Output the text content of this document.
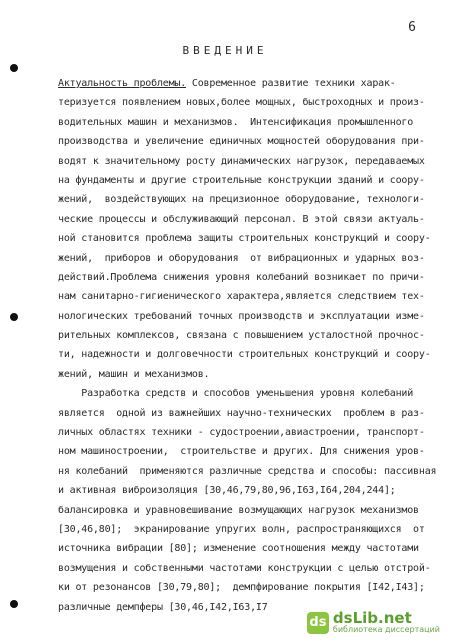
6
ВВЕДЕНИЕ
Актуальность проблемы. Современное развитие техники харак-
теризуется появлением новых,более мощных, быстроходных и произ-
водительных машин и механизмов.  Интенсификация промышленного
производства и увеличение единичных мощностей оборудования при-
водят к значительному росту динамических нагрузок, передаваемых
на фундаменты и другие строительные конструкции зданий и соору-
жений,  воздействующих на прецизионное оборудование, технологи-
ческие процессы и обслуживающий персонал. В этой связи актуаль-
ной становится проблема защиты строительных конструкций и соору-
жений,  приборов и оборудования  от вибрационных и ударных воз-
действий.Проблема снижения уровня колебаний возникает по причи-
нам санитарно-гигиенического характера,является следствием тех-
нологических требований точных производств и эксплуатации изме-
рительных комплексов, связана с повышением усталостной прочнос-
ти, надежности и долговечности строительных конструкций и соору-
жений, машин и механизмов.
Разработка средств и способов уменьшения уровня колебаний
является  одной из важнейших научно-технических  проблем в раз-
личных областях техники - судостроении,авиастроении, транспорт-
ном машиностроении,  строительстве и других. Для снижения уров-
ня колебаний  применяются различные средства и способы: пассивная
и активная виброизоляция [30,46,79,80,96,I63,I64,204,244];
балансировка и уравновешивание возмущающих нагрузок механизмов
[30,46,80];  экранирование упругих волн, распространяющихся  от
источника вибрации [80]; изменение соотношения между частотами
возмущения и собственными частотами конструкции с целью отстрой-
ки от резонансов [30,79,80];  демпфирование покрытия [I42,I43];
различные демпферы [30,46,I42,I63,I7
ds dsLib.net
библиотека диссертаций
